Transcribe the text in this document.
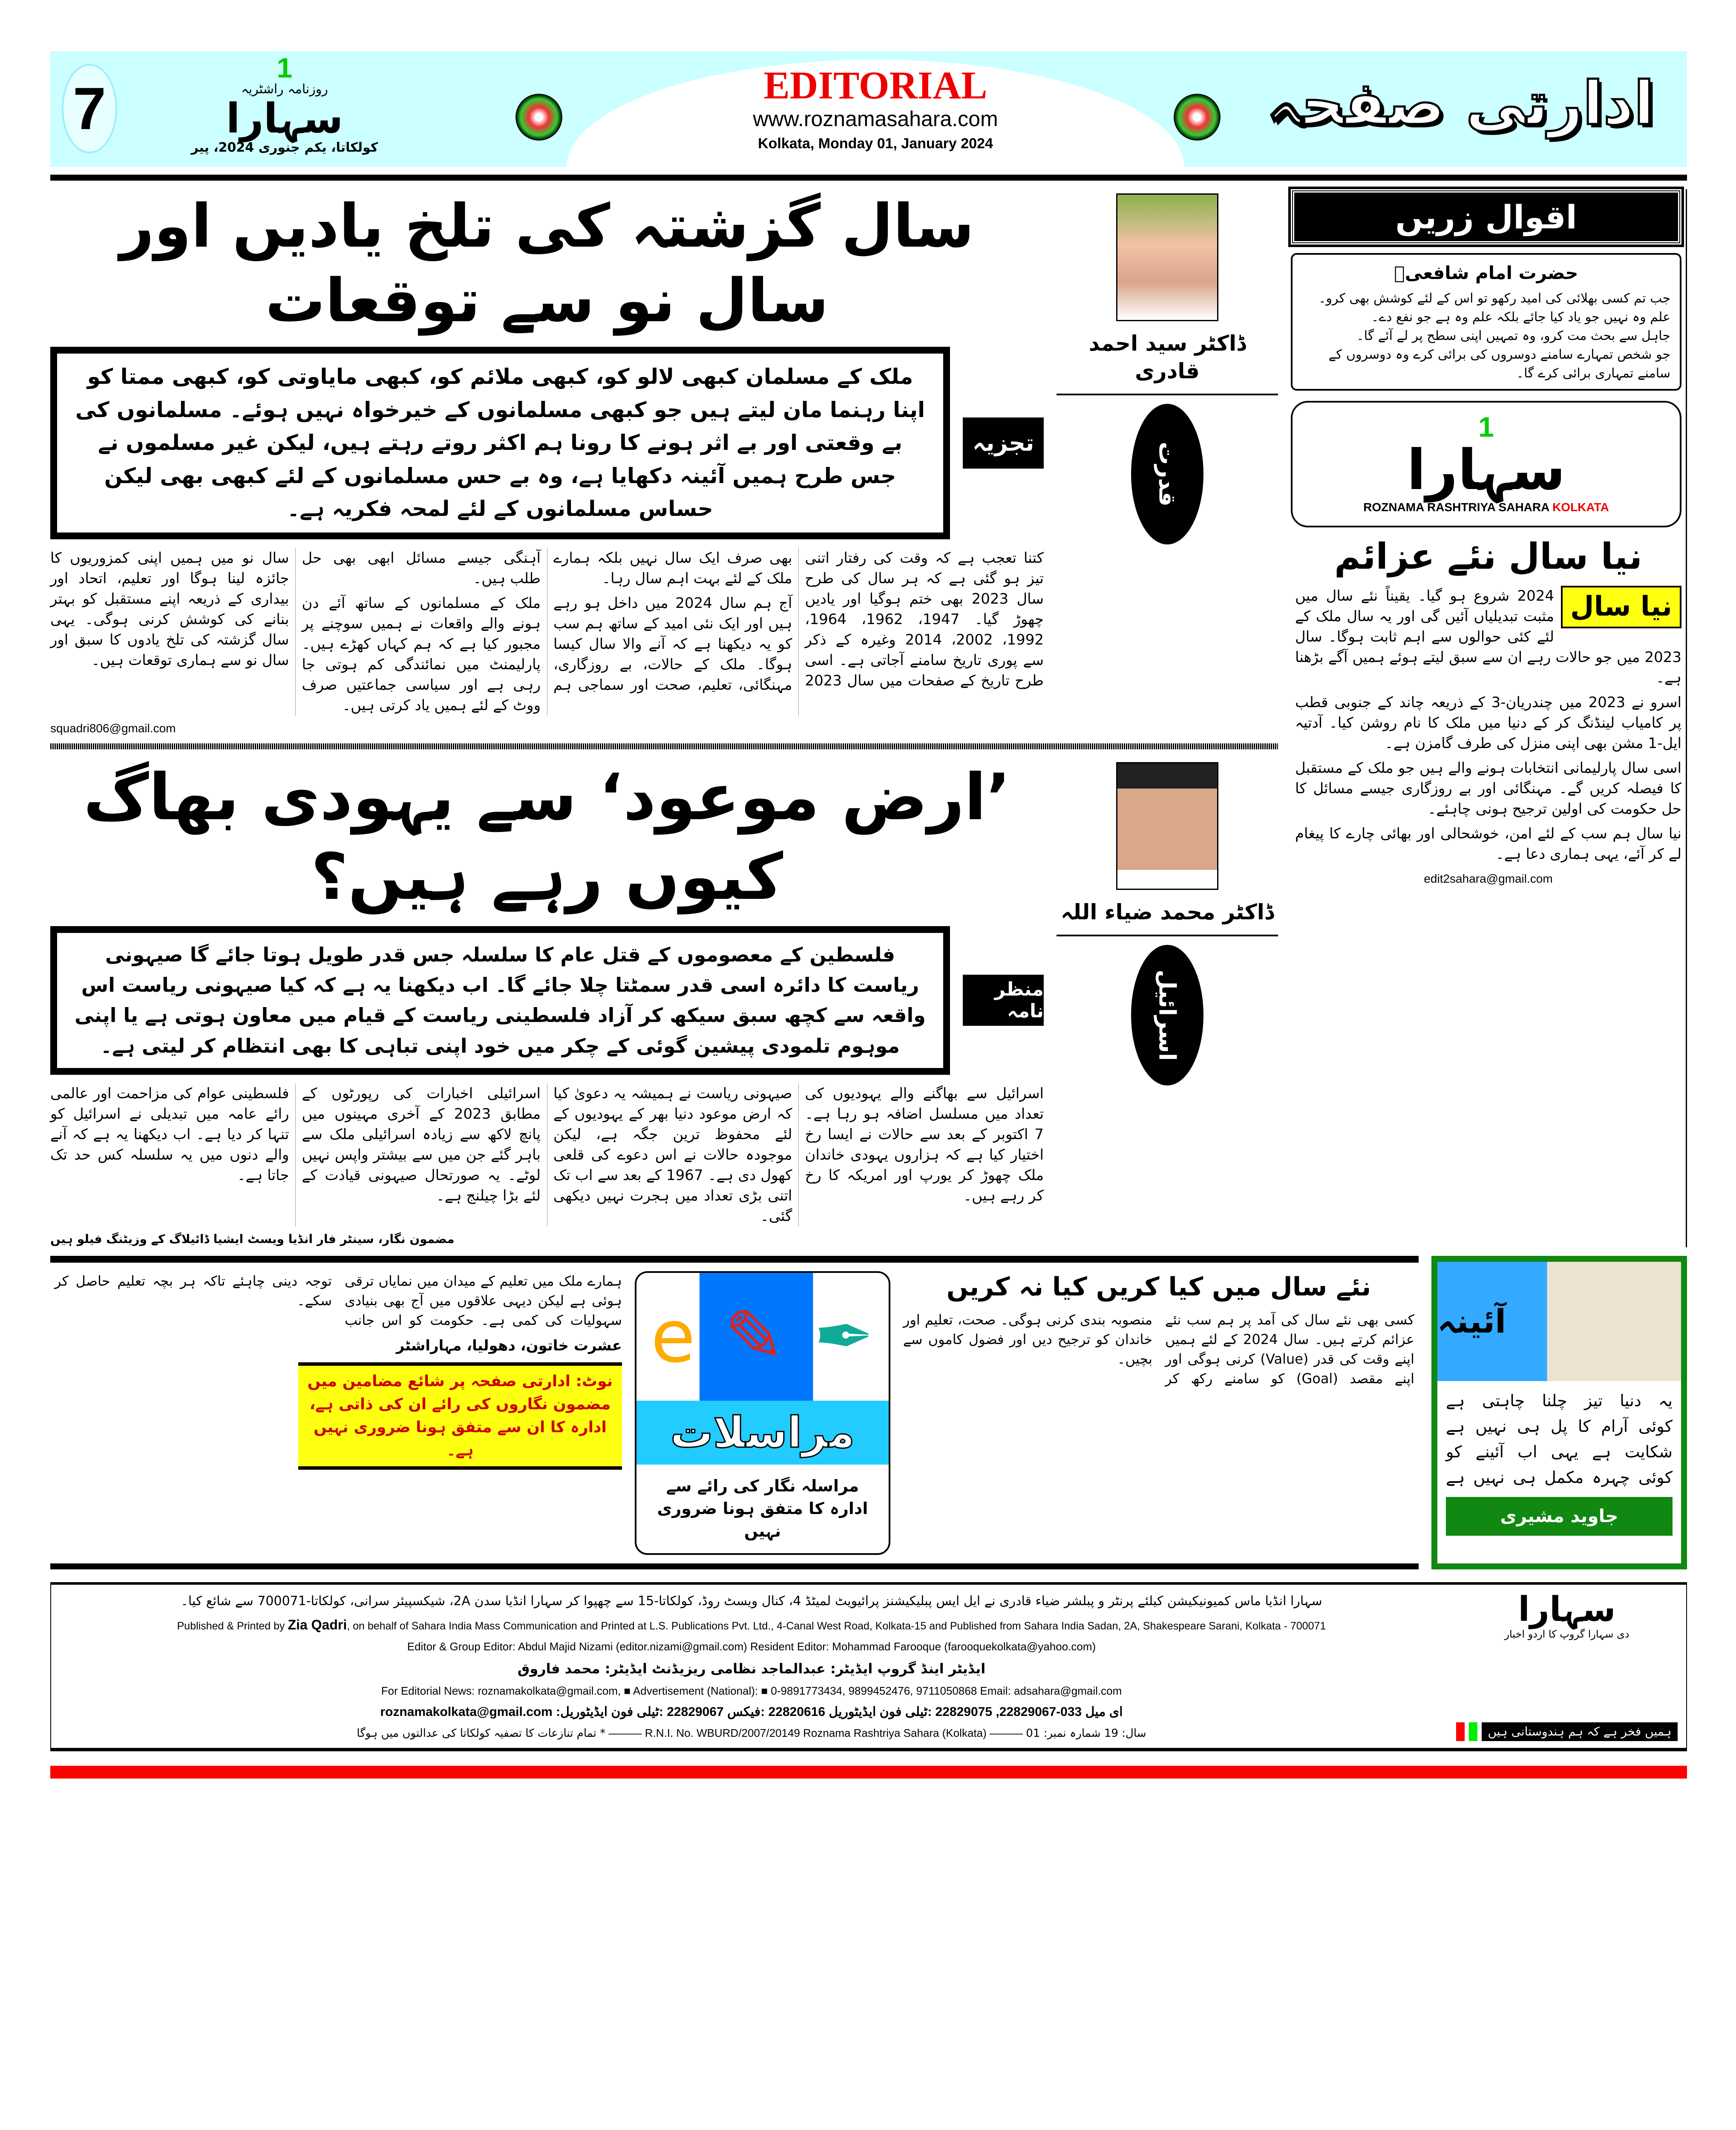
7
1
روزنامہ راشٹریہ
سہارا
کولکاتا، یکم جنوری 2024، پیر
EDITORIAL
www.roznamasahara.com
Kolkata, Monday 01, January 2024
ادارتی صفحہ
اقوال زریں
حضرت امام شافعیؒ
جب تم کسی بھلائی کی امید رکھو تو اس کے لئے کوشش بھی کرو۔
علم وہ نہیں جو یاد کیا جائے بلکہ علم وہ ہے جو نفع دے۔
جاہل سے بحث مت کرو، وہ تمہیں اپنی سطح پر لے آئے گا۔
جو شخص تمہارے سامنے دوسروں کی برائی کرے وہ دوسروں کے سامنے تمہاری برائی کرے گا۔
1
سہارا
ROZNAMA RASHTRIYA SAHARA KOLKATA
نیا سال نئے عزائم
نیا سال

2024 شروع ہو گیا۔ یقیناً نئے سال میں مثبت تبدیلیاں آئیں گی اور یہ سال ملک کے لئے کئی حوالوں سے اہم ثابت ہوگا۔ سال 2023 میں جو حالات رہے ان سے سبق لیتے ہوئے ہمیں آگے بڑھنا ہے۔

اسرو نے 2023 میں چندریان-3 کے ذریعہ چاند کے جنوبی قطب پر کامیاب لینڈنگ کر کے دنیا میں ملک کا نام روشن کیا۔ آدتیہ ایل-1 مشن بھی اپنی منزل کی طرف گامزن ہے۔

اسی سال پارلیمانی انتخابات ہونے والے ہیں جو ملک کے مستقبل کا فیصلہ کریں گے۔ مہنگائی اور بے روزگاری جیسے مسائل کا حل حکومت کی اولین ترجیح ہونی چاہئے۔

نیا سال ہم سب کے لئے امن، خوشحالی اور بھائی چارے کا پیغام لے کر آئے، یہی ہماری دعا ہے۔

edit2sahara@gmail.com
ڈاکٹر سید احمد قادری
قدرت
سال گزشتہ کی تلخ یادیں اور سال نو سے توقعات
تجزیہ
ملک کے مسلمان کبھی لالو کو، کبھی ملائم کو، کبھی مایاوتی کو، کبھی ممتا کو اپنا رہنما مان لیتے ہیں جو کبھی مسلمانوں کے خیرخواہ نہیں ہوئے۔ مسلمانوں کی بے وقعتی اور بے اثر ہونے کا رونا ہم اکثر روتے رہتے ہیں، لیکن غیر مسلموں نے جس طرح ہمیں آئینہ دکھایا ہے، وہ بے حس مسلمانوں کے لئے کبھی بھی لیکن حساس مسلمانوں کے لئے لمحہ فکریہ ہے۔

کتنا تعجب ہے کہ وقت کی رفتار اتنی تیز ہو گئی ہے کہ ہر سال کی طرح سال 2023 بھی ختم ہوگیا اور یادیں چھوڑ گیا۔ 1947، 1962، 1964، 1992، 2002، 2014 وغیرہ کے ذکر سے پوری تاریخ سامنے آجاتی ہے۔ اسی طرح تاریخ کے صفحات میں سال 2023 بھی صرف ایک سال نہیں بلکہ ہمارے ملک کے لئے بہت اہم سال رہا۔

آج ہم سال 2024 میں داخل ہو رہے ہیں اور ایک نئی امید کے ساتھ ہم سب کو یہ دیکھنا ہے کہ آنے والا سال کیسا ہوگا۔ ملک کے حالات، بے روزگاری، مہنگائی، تعلیم، صحت اور سماجی ہم آہنگی جیسے مسائل ابھی بھی حل طلب ہیں۔

ملک کے مسلمانوں کے ساتھ آئے دن ہونے والے واقعات نے ہمیں سوچنے پر مجبور کیا ہے کہ ہم کہاں کھڑے ہیں۔ پارلیمنٹ میں نمائندگی کم ہوتی جا رہی ہے اور سیاسی جماعتیں صرف ووٹ کے لئے ہمیں یاد کرتی ہیں۔

سال نو میں ہمیں اپنی کمزوریوں کا جائزہ لینا ہوگا اور تعلیم، اتحاد اور بیداری کے ذریعہ اپنے مستقبل کو بہتر بنانے کی کوشش کرنی ہوگی۔ یہی سال گزشتہ کی تلخ یادوں کا سبق اور سال نو سے ہماری توقعات ہیں۔

squadri806@gmail.com
ڈاکٹر محمد ضیاء اللہ
اسرائیل
’ارض موعود‘ سے یہودی بھاگ کیوں رہے ہیں؟
منظر نامہ
فلسطین کے معصوموں کے قتل عام کا سلسلہ جس قدر طویل ہوتا جائے گا صیہونی ریاست کا دائرہ اسی قدر سمٹتا چلا جائے گا۔ اب دیکھنا یہ ہے کہ کیا صیہونی ریاست اس واقعہ سے کچھ سبق سیکھ کر آزاد فلسطینی ریاست کے قیام میں معاون ہوتی ہے یا اپنی موہوم تلمودی پیشین گوئی کے چکر میں خود اپنی تباہی کا بھی انتظام کر لیتی ہے۔

اسرائیل سے بھاگنے والے یہودیوں کی تعداد میں مسلسل اضافہ ہو رہا ہے۔ 7 اکتوبر کے بعد سے حالات نے ایسا رخ اختیار کیا ہے کہ ہزاروں یہودی خاندان ملک چھوڑ کر یورپ اور امریکہ کا رخ کر رہے ہیں۔

صیہونی ریاست نے ہمیشہ یہ دعویٰ کیا کہ ارض موعود دنیا بھر کے یہودیوں کے لئے محفوظ ترین جگہ ہے، لیکن موجودہ حالات نے اس دعوے کی قلعی کھول دی ہے۔ 1967 کے بعد سے اب تک اتنی بڑی تعداد میں ہجرت نہیں دیکھی گئی۔

اسرائیلی اخبارات کی رپورٹوں کے مطابق 2023 کے آخری مہینوں میں پانچ لاکھ سے زیادہ اسرائیلی ملک سے باہر گئے جن میں سے بیشتر واپس نہیں لوٹے۔ یہ صورتحال صیہونی قیادت کے لئے بڑا چیلنج ہے۔

فلسطینی عوام کی مزاحمت اور عالمی رائے عامہ میں تبدیلی نے اسرائیل کو تنہا کر دیا ہے۔ اب دیکھنا یہ ہے کہ آنے والے دنوں میں یہ سلسلہ کس حد تک جاتا ہے۔

مضمون نگار، سینٹر فار انڈیا ویسٹ ایشیا ڈائیلاگ کے وزیٹنگ فیلو ہیں
آئینہ
یہ دنیا تیز چلنا چاہتی ہے
کوئی آرام کا پل ہی نہیں ہے
شکایت ہے یہی اب آئینے کو
کوئی چہرہ مکمل ہی نہیں ہے
جاوید مشیری
نئے سال میں کیا کریں کیا نہ کریں

کسی بھی نئے سال کی آمد پر ہم سب نئے عزائم کرتے ہیں۔ سال 2024 کے لئے ہمیں اپنے وقت کی قدر (Value) کرنی ہوگی اور اپنے مقصد (Goal) کو سامنے رکھ کر منصوبہ بندی کرنی ہوگی۔ صحت، تعلیم اور خاندان کو ترجیح دیں اور فضول کاموں سے بچیں۔

e ✎ ✒
مراسلات
مراسلہ نگار کی رائے سے ادارہ کا متفق ہونا ضروری نہیں

ہمارے ملک میں تعلیم کے میدان میں نمایاں ترقی ہوئی ہے لیکن دیہی علاقوں میں آج بھی بنیادی سہولیات کی کمی ہے۔ حکومت کو اس جانب توجہ دینی چاہئے تاکہ ہر بچہ تعلیم حاصل کر سکے۔

عشرت خاتون، دھولیا، مہاراشٹر
نوٹ: ادارتی صفحہ پر شائع مضامین میں مضمون نگاروں کی رائے ان کی ذاتی ہے، ادارہ کا ان سے متفق ہونا ضروری نہیں ہے۔
سہارا
دی سہارا گروپ کا اردو اخبار
ہمیں فخر ہے کہ ہم ہندوستانی ہیں
سہارا انڈیا ماس کمیونیکیشن کیلئے پرنٹر و پبلشر ضیاء قادری نے ایل ایس پبلیکیشنز پرائیویٹ لمیٹڈ 4، کنال ویسٹ روڈ، کولکاتا-15 سے چھپوا کر سہارا انڈیا سدن 2A، شیکسپیئر سرانی، کولکاتا-700071 سے شائع کیا۔
Published & Printed by Zia Qadri, on behalf of Sahara India Mass Communication and Printed at L.S. Publications Pvt. Ltd., 4-Canal West Road, Kolkata-15 and Published from Sahara India Sadan, 2A, Shakespeare Sarani, Kolkata - 700071
Editor & Group Editor: Abdul Majid Nizami (editor.nizami@gmail.com) Resident Editor: Mohammad Farooque (farooquekolkata@yahoo.com)
ایڈیٹر اینڈ گروپ ایڈیٹر: عبدالماجد نظامی ریزیڈنٹ ایڈیٹر: محمد فاروق
For Editorial News: roznamakolkata@gmail.com, ■ Advertisement (National): ■ 0-9891773434, 9899452476, 9711050868 Email: adsahara@gmail.com
roznamakolkata@gmail.com :ای میل 033-22829067, 22829075 :ٹیلی فون ایڈیٹوریل 22820616 :فیکس 22829067 :ٹیلی فون ایڈیٹوریل
* تمام تنازعات کا تصفیہ کولکاتا کی عدالتوں میں ہوگا ——— R.N.I. No. WBURD/2007/20149 Roznama Rashtriya Sahara (Kolkata) ——— سال: 19 شمارہ نمبر: 01
